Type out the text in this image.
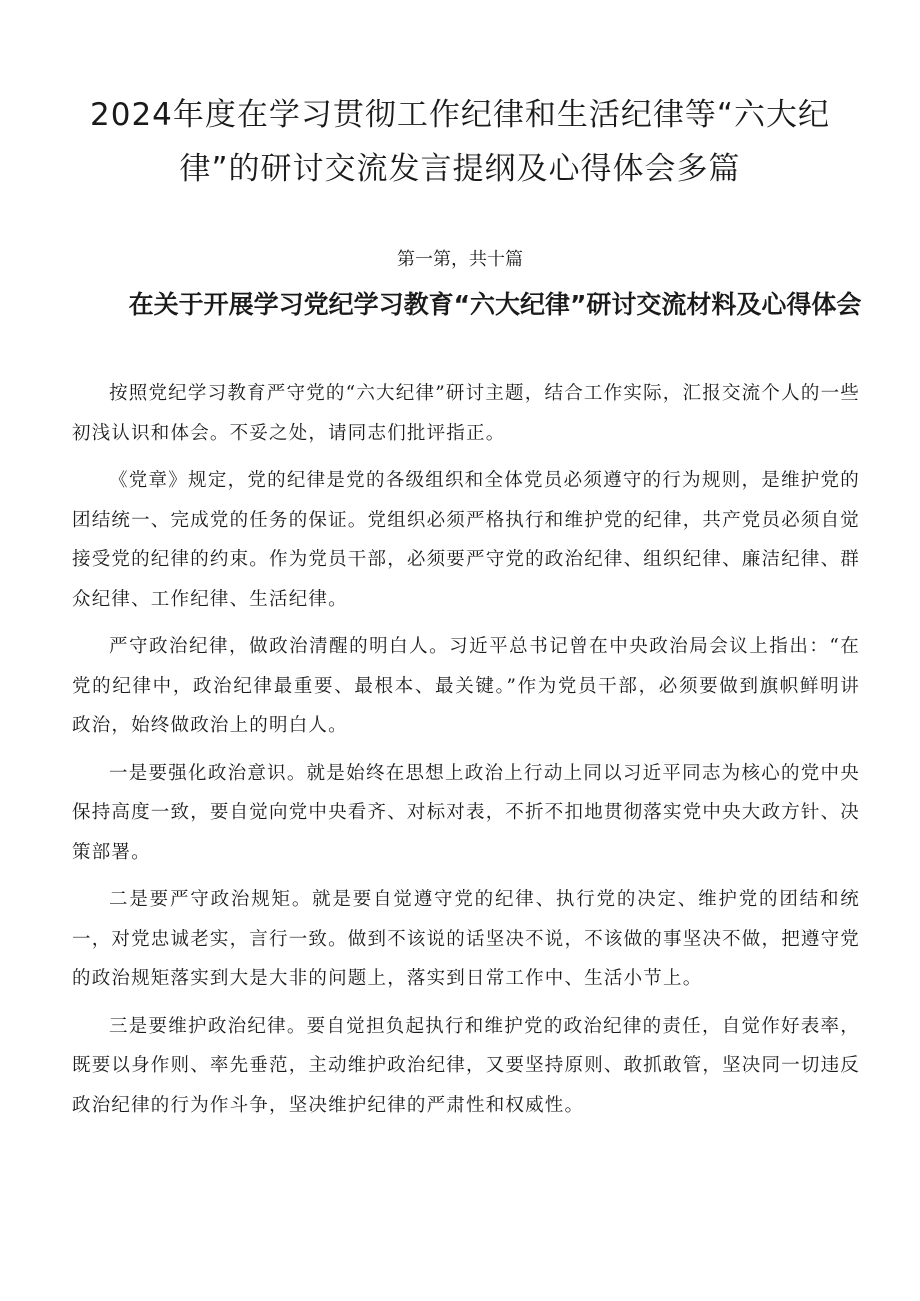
2024年度在学习贯彻工作纪律和生活纪律等“六大纪律”的研讨交流发言提纲及心得体会多篇
第一第，共十篇
在关于开展学习党纪学习教育“六大纪律”研讨交流材料及心得体会

按照党纪学习教育严守党的“六大纪律”研讨主题，结合工作实际，汇报交流个人的一些初浅认识和体会。不妥之处，请同志们批评指正。

《党章》规定，党的纪律是党的各级组织和全体党员必须遵守的行为规则，是维护党的团结统一、完成党的任务的保证。党组织必须严格执行和维护党的纪律，共产党员必须自觉接受党的纪律的约束。作为党员干部，必须要严守党的政治纪律、组织纪律、廉洁纪律、群众纪律、工作纪律、生活纪律。

严守政治纪律，做政治清醒的明白人。习近平总书记曾在中央政治局会议上指出：“在党的纪律中，政治纪律最重要、最根本、最关键。”作为党员干部，必须要做到旗帜鲜明讲政治，始终做政治上的明白人。

一是要强化政治意识。就是始终在思想上政治上行动上同以习近平同志为核心的党中央保持高度一致，要自觉向党中央看齐、对标对表，不折不扣地贯彻落实党中央大政方针、决策部署。

二是要严守政治规矩。就是要自觉遵守党的纪律、执行党的决定、维护党的团结和统一，对党忠诚老实，言行一致。做到不该说的话坚决不说，不该做的事坚决不做，把遵守党的政治规矩落实到大是大非的问题上，落实到日常工作中、生活小节上。

三是要维护政治纪律。要自觉担负起执行和维护党的政治纪律的责任，自觉作好表率，既要以身作则、率先垂范，主动维护政治纪律，又要坚持原则、敢抓敢管，坚决同一切违反政治纪律的行为作斗争，坚决维护纪律的严肃性和权威性。
